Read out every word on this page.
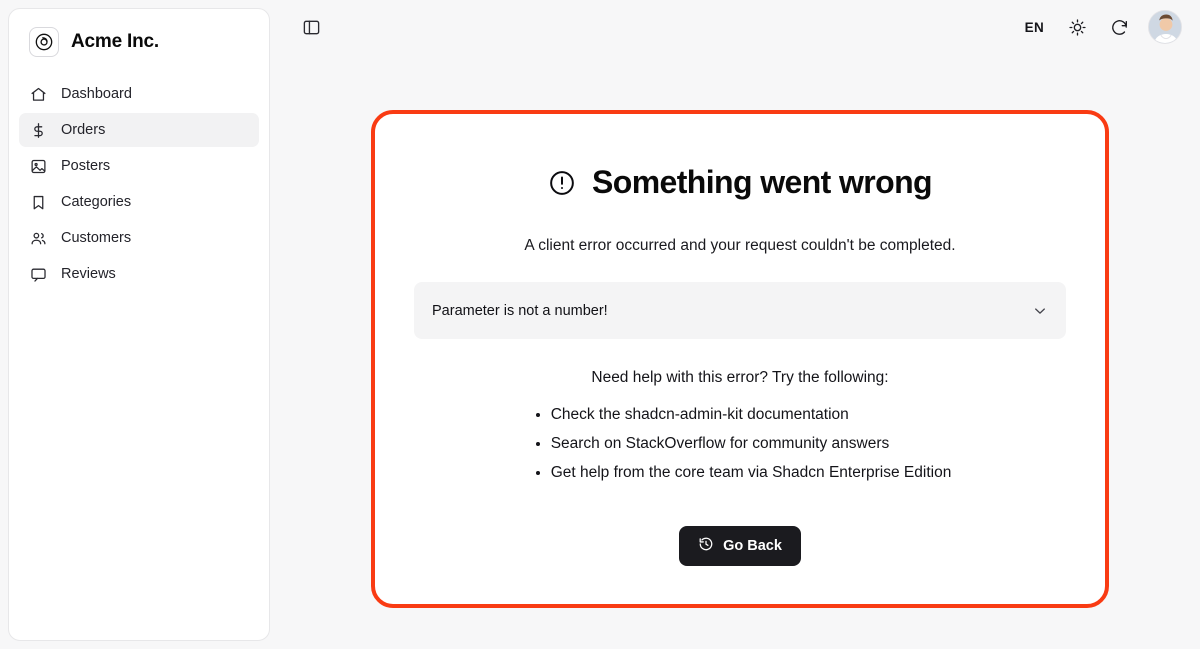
Acme Inc.
Dashboard
Orders
Posters
Categories
Customers
Reviews
EN
Something went wrong
A client error occurred and your request couldn't be completed.
Parameter is not a number!
Need help with this error? Try the following:
• Check the shadcn-admin-kit documentation
• Search on StackOverflow for community answers
• Get help from the core team via Shadcn Enterprise Edition
Go Back
